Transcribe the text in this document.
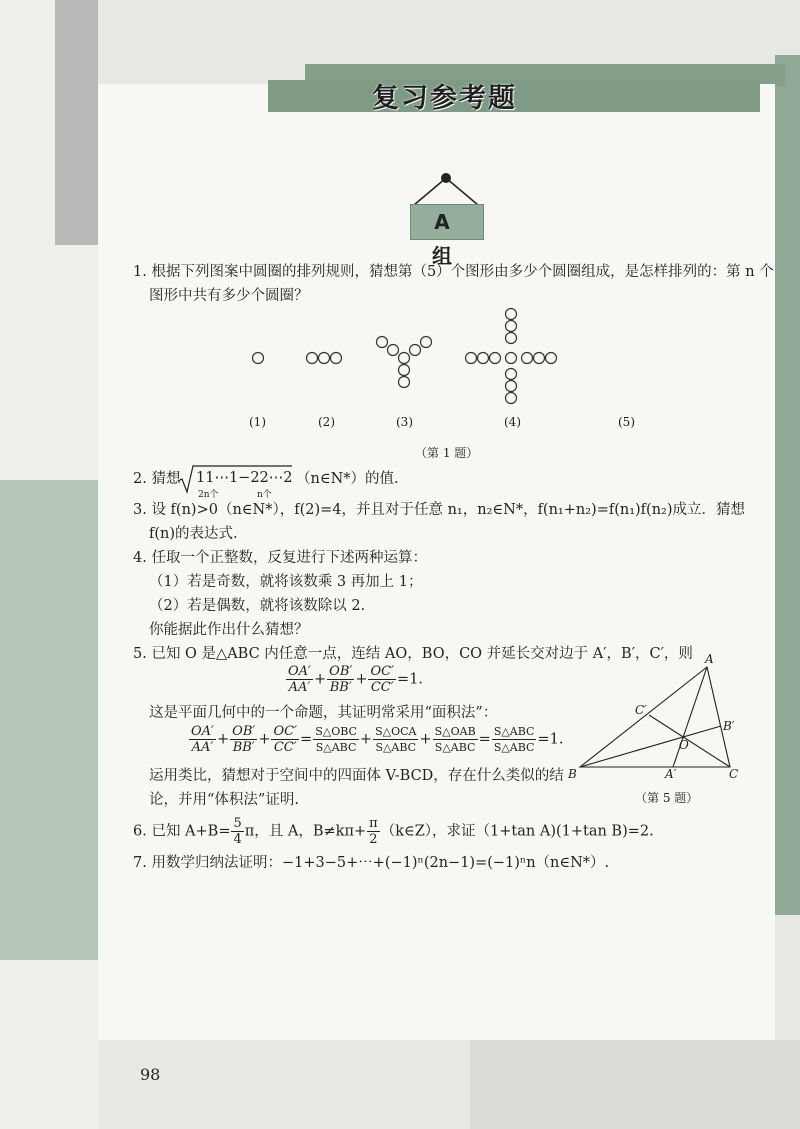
复习参考题
A 组
1. 根据下列图案中圆圈的排列规则，猜想第（5）个图形由多少个圆圈组成，是怎样排列的：第 n 个
图形中共有多少个圆圈？
(1)	(2)	(3)	(4)	(5)
（第 1 题）
2. 猜想 11⋯1−22⋯2
2n个	n个
（n∈N*）的值.
3. 设 f(n)>0（n∈N*），f(2)=4，并且对于任意 n₁，n₂∈N*，f(n₁+n₂)=f(n₁)f(n₂)成立．猜想
f(n)的表达式.
4. 任取一个正整数，反复进行下述两种运算：
（1）若是奇数，就将该数乘 3 再加上 1；
（2）若是偶数，就将该数除以 2.
你能据此作出什么猜想？
5. 已知 O 是△ABC 内任意一点，连结 AO，BO，CO 并延长交对边于 A′，B′，C′，则
$\frac{OA'}{AA'} + \frac{OB'}{BB'} + \frac{OC'}{CC'} =1$.
这是平面几何中的一个命题，其证明常采用“面积法”：
$\frac{OA'}{AA'} + \frac{OB'}{BB'} + \frac{OC'}{CC'} = \frac{\text{S△OBC}}{\text{S△ABC}} + \frac{\text{S△OCA}}{\text{S△ABC}} + \frac{\text{S△OAB}}{\text{S△ABC}} = \frac{\text{S△ABC}}{\text{S△ABC}} =1$.
运用类比，猜想对于空间中的四面体 V-BCD，存在什么类似的结
论，并用“体积法”证明.
A
B	C
O
A′
B′
C′
（第 5 题）
6. 已知 $A+B= \frac{5}{4}$ π，且 A，$B\ne k\pi+ \frac{\pi}{2}$ （k∈Z），求证（1+tan A)(1+tan B)=2.
7. 用数学归纳法证明：−1+3−5+⋯+(−1)ⁿ(2n−1)=(−1)ⁿn（n∈N*）.
98
